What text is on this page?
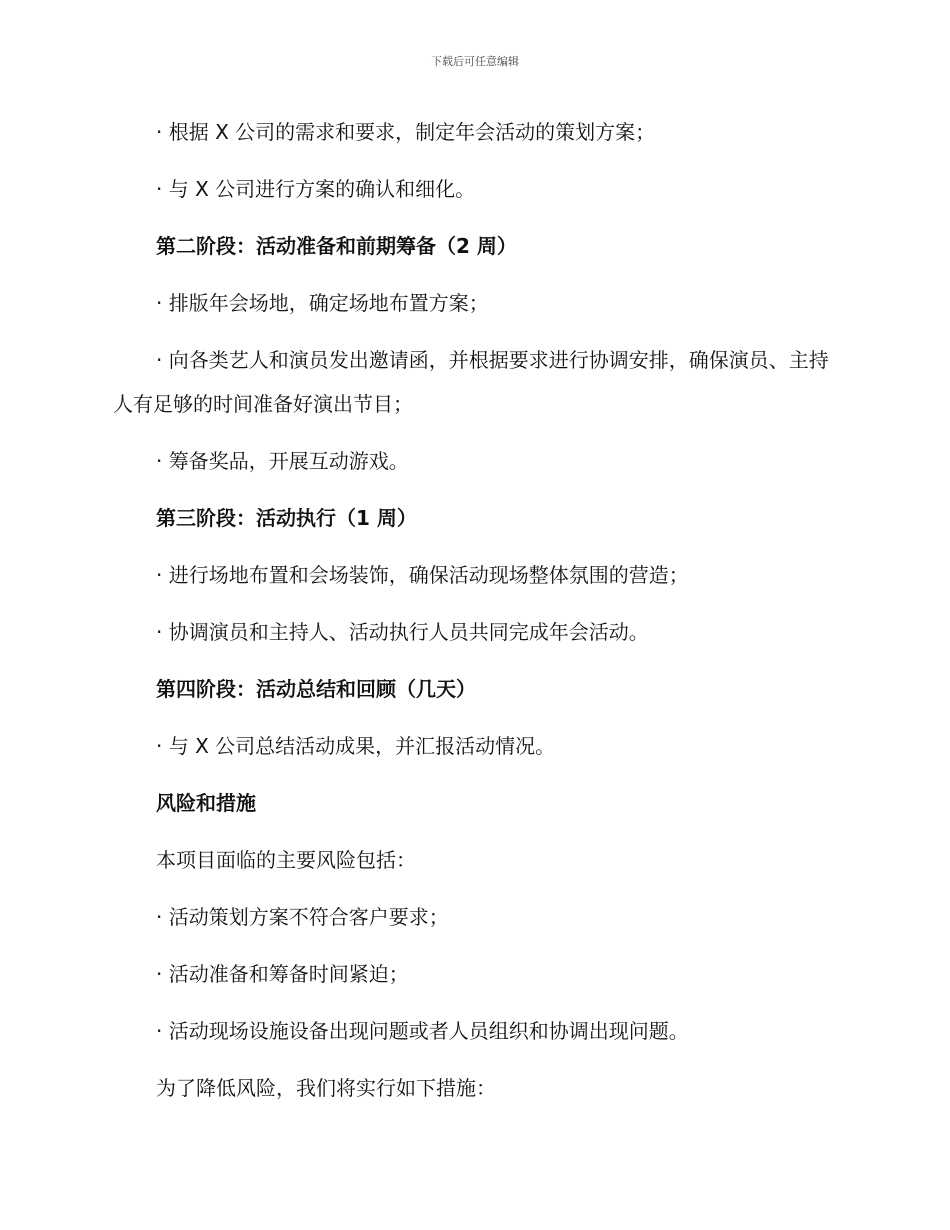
下载后可任意编辑

· 根据 X 公司的需求和要求，制定年会活动的策划方案；

· 与 X 公司进行方案的确认和细化。

第二阶段：活动准备和前期筹备（2 周）

· 排版年会场地，确定场地布置方案；

· 向各类艺人和演员发出邀请函，并根据要求进行协调安排，确保演员、主持人有足够的时间准备好演出节目；

· 筹备奖品，开展互动游戏。

第三阶段：活动执行（1 周）

· 进行场地布置和会场装饰，确保活动现场整体氛围的营造；

· 协调演员和主持人、活动执行人员共同完成年会活动。

第四阶段：活动总结和回顾（几天）

· 与 X 公司总结活动成果，并汇报活动情况。

风险和措施

本项目面临的主要风险包括：

· 活动策划方案不符合客户要求；

· 活动准备和筹备时间紧迫；

· 活动现场设施设备出现问题或者人员组织和协调出现问题。

为了降低风险，我们将实行如下措施：
